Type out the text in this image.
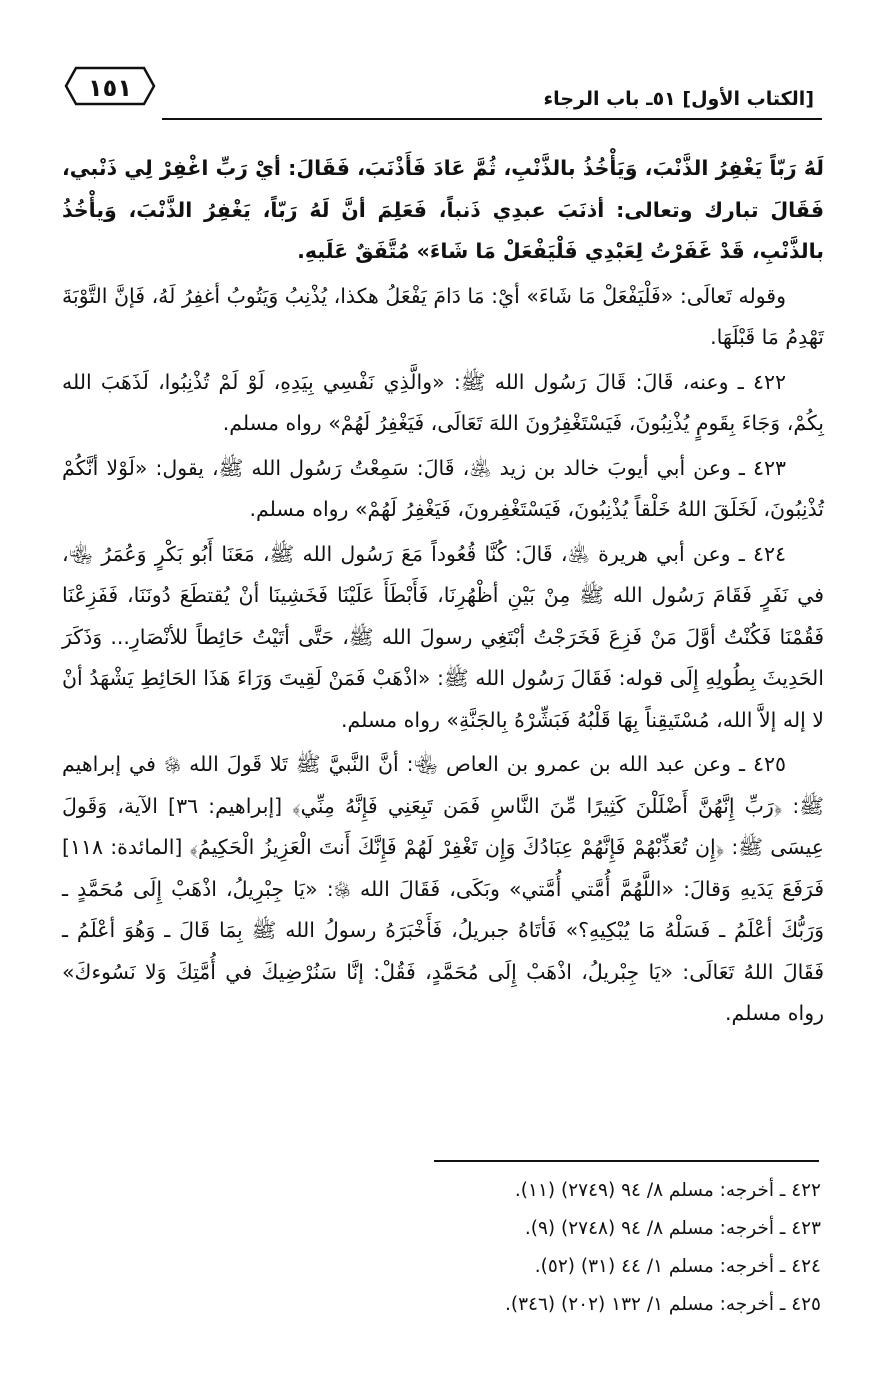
١٥١	[الكتاب الأول] ٥١ـ باب الرجاء

لَهُ رَبّاً يَغْفِرُ الذَّنْبَ، وَيَأْخُذُ بالذَّنْبِ، ثُمَّ عَادَ فَأَذْنَبَ، فَقَالَ: أيْ رَبِّ اغْفِرْ لِي ذَنْبي، فَقَالَ تبارك وتعالى: أذنَبَ عبدِي ذَنباً، فَعَلِمَ أنَّ لَهُ رَبّاً، يَغْفِرُ الذَّنْبَ، وَيأْخُذُ بالذَّنْبِ، قَدْ غَفَرْتُ لِعَبْدِي فَلْيَفْعَلْ مَا شَاءَ» مُتَّفَقٌ عَلَيهِ.

وقوله تَعالَى: «فَلْيَفْعَلْ مَا شَاءَ» أيْ: مَا دَامَ يَفْعَلُ هكذا، يُذْنِبُ وَيَتُوبُ أغفِرُ لَهُ، فَإنَّ التَّوْبَةَ تَهْدِمُ مَا قَبْلَهَا.

٤٢٢ ـ وعنه، قَالَ: قَالَ رَسُول الله ﷺ: «والَّذِي نَفْسِي بِيَدِهِ، لَوْ لَمْ تُذْنِبُوا، لَذَهَبَ الله بِكُمْ، وَجَاءَ بِقَومٍ يُذْنِبُونَ، فَيَسْتَغْفِرُونَ اللهَ تَعَالَى، فَيَغْفِرُ لَهُمْ» رواه مسلم.

٤٢٣ ـ وعن أبي أيوبَ خالد بن زيد ﵁، قَالَ: سَمِعْتُ رَسُول الله ﷺ، يقول: «لَوْلا أنَّكُمْ تُذْنِبُونَ، لَخَلَقَ اللهُ خَلْقاً يُذْنِبُونَ، فَيَسْتَغْفِرونَ، فَيَغْفِرُ لَهُمْ» رواه مسلم.

٤٢٤ ـ وعن أبي هريرة ﵁، قَالَ: كُنَّا قُعُوداً مَعَ رَسُول الله ﷺ، مَعَنَا أَبُو بَكْرٍ وَعُمَرُ ﵄، في نَفَرٍ فَقَامَ رَسُول الله ﷺ مِنْ بَيْنِ أظْهُرِنَا، فَأَبْطَأَ عَلَيْنَا فَخَشِينَا أنْ يُقتطَعَ دُونَنَا، فَفَزِعْنَا فَقُمْنَا فَكُنْتُ أوَّلَ مَنْ فَزِعَ فَخَرَجْتُ أبْتَغِي رسولَ الله ﷺ، حَتَّى أتَيْتُ حَائِطاً للأنْصَارِ... وَذَكَرَ الحَدِيثَ بِطُولِهِ إِلَى قوله: فَقَالَ رَسُول الله ﷺ: «اذْهَبْ فَمَنْ لَقِيتَ وَرَاءَ هَذَا الحَائِطِ يَشْهَدُ أنْ لا إله إلاَّ الله، مُسْتَيقِناً بِهَا قَلْبُهُ فَبَشِّرْهُ بِالجَنَّةِ» رواه مسلم.

٤٢٥ ـ وعن عبد الله بن عمرو بن العاص ﵄: أنَّ النَّبيَّ ﷺ تَلا قَولَ الله ﷿ في إبراهيم ﷺ: ﴿رَبِّ إِنَّهُنَّ أَضْلَلْنَ كَثِيرًا مِّنَ النَّاسِ فَمَن تَبِعَنِي فَإِنَّهُ مِنِّي﴾ [إبراهيم: ٣٦] الآية، وَقَولَ عِيسَى ﷺ: ﴿إِن تُعَذِّبْهُمْ فَإِنَّهُمْ عِبَادُكَ وَإِن تَغْفِرْ لَهُمْ فَإِنَّكَ أَنتَ الْعَزِيزُ الْحَكِيمُ﴾ [المائدة: ١١٨] فَرَفَعَ يَدَيهِ وَقالَ: «اللَّهُمَّ أُمَّتي أُمَّتي» وبَكَى، فَقَالَ الله ﷿: «يَا جِبْرِيلُ، اذْهَبْ إِلَى مُحَمَّدٍ ـ وَرَبُّكَ أعْلَمُ ـ فَسَلْهُ مَا يُبْكِيهِ؟» فَأتَاهُ جبريلُ، فَأَخْبَرَهُ رسولُ الله ﷺ بِمَا قَالَ ـ وَهُوَ أعْلَمُ ـ فَقَالَ اللهُ تَعَالَى: «يَا جِبْريلُ، اذْهَبْ إِلَى مُحَمَّدٍ، فَقُلْ: إنَّا سَنُرْضِيكَ في أُمَّتِكَ وَلا نَسُوءكَ» رواه مسلم.

٤٢٢ ـ أخرجه: مسلم ٨/ ٩٤ (٢٧٤٩) (١١).
٤٢٣ ـ أخرجه: مسلم ٨/ ٩٤ (٢٧٤٨) (٩).
٤٢٤ ـ أخرجه: مسلم ١/ ٤٤ (٣١) (٥٢).
٤٢٥ ـ أخرجه: مسلم ١/ ١٣٢ (٢٠٢) (٣٤٦).
